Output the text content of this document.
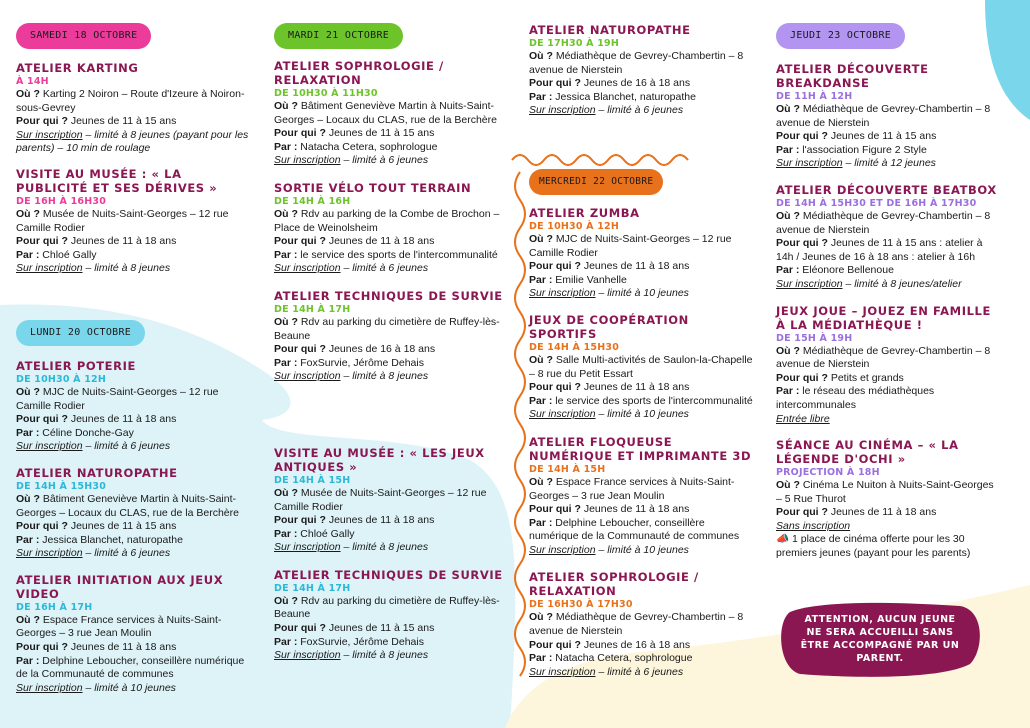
SAMEDI 18 OCTOBRE
ATELIER KARTING
À 14H
Où ? Karting 2 Noiron – Route d'Izeure à Noiron-sous-Gevrey
Pour qui ? Jeunes de 11 à 15 ans
Sur inscription – limité à 8 jeunes (payant pour les parents) – 10 min de roulage
VISITE AU MUSÉE : « LA PUBLICITÉ ET SES DÉRIVES »
DE 16H À 16H30
Où ? Musée de Nuits-Saint-Georges – 12 rue Camille Rodier
Pour qui ? Jeunes de 11 à 18 ans
Par : Chloé Gally
Sur inscription – limité à 8 jeunes
LUNDI 20 OCTOBRE
ATELIER POTERIE
DE 10H30 À 12H
Où ? MJC de Nuits-Saint-Georges – 12 rue Camille Rodier
Pour qui ? Jeunes de 11 à 18 ans
Par : Céline Donche-Gay
Sur inscription – limité à 6 jeunes
ATELIER NATUROPATHE
DE 14H À 15H30
Où ? Bâtiment Geneviève Martin à Nuits-Saint-Georges – Locaux du CLAS, rue de la Berchère
Pour qui ? Jeunes de 11 à 15 ans
Par : Jessica Blanchet, naturopathe
Sur inscription – limité à 6 jeunes
ATELIER INITIATION AUX JEUX VIDEO
DE 16H À 17H
Où ? Espace France services à Nuits-Saint-Georges – 3 rue Jean Moulin
Pour qui ? Jeunes de 11 à 18 ans
Par : Delphine Leboucher, conseillère numérique de la Communauté de communes
Sur inscription – limité à 10 jeunes
MARDI 21 OCTOBRE
ATELIER SOPHROLOGIE / RELAXATION
DE 10H30 À 11H30
Où ? Bâtiment Geneviève Martin à Nuits-Saint-Georges – Locaux du CLAS, rue de la Berchère
Pour qui ? Jeunes de 11 à 15 ans
Par : Natacha Cetera, sophrologue
Sur inscription – limité à 6 jeunes
SORTIE VÉLO TOUT TERRAIN
DE 14H À 16H
Où ? Rdv au parking de la Combe de Brochon – Place de Weinolsheim
Pour qui ? Jeunes de 11 à 18 ans
Par : le service des sports de l'intercommunalité
Sur inscription – limité à 6 jeunes
ATELIER TECHNIQUES DE SURVIE
DE 14H À 17H
Où ? Rdv au parking du cimetière de Ruffey-lès-Beaune
Pour qui ? Jeunes de 16 à 18 ans
Par : FoxSurvie, Jérôme Dehais
Sur inscription – limité à 8 jeunes
VISITE AU MUSÉE : « LES JEUX ANTIQUES »
DE 14H À 15H
Où ? Musée de Nuits-Saint-Georges – 12 rue Camille Rodier
Pour qui ? Jeunes de 11 à 18 ans
Par : Chloé Gally
Sur inscription – limité à 8 jeunes
ATELIER TECHNIQUES DE SURVIE
DE 14H À 17H
Où ? Rdv au parking du cimetière de Ruffey-lès-Beaune
Pour qui ? Jeunes de 11 à 15 ans
Par : FoxSurvie, Jérôme Dehais
Sur inscription – limité à 8 jeunes
ATELIER NATUROPATHE
DE 17H30 À 19H
Où ? Médiathèque de Gevrey-Chambertin – 8 avenue de Nierstein
Pour qui ? Jeunes de 16 à 18 ans
Par : Jessica Blanchet, naturopathe
Sur inscription – limité à 6 jeunes
MERCREDI 22 OCTOBRE
ATELIER ZUMBA
DE 10H30 À 12H
Où ? MJC de Nuits-Saint-Georges – 12 rue Camille Rodier
Pour qui ? Jeunes de 11 à 18 ans
Par : Emilie Vanhelle
Sur inscription – limité à 10 jeunes
JEUX DE COOPÉRATION SPORTIFS
DE 14H À 15H30
Où ? Salle Multi-activités de Saulon-la-Chapelle – 8 rue du Petit Essart
Pour qui ? Jeunes de 11 à 18 ans
Par : le service des sports de l'intercommunalité
Sur inscription – limité à 10 jeunes
ATELIER FLOQUEUSE NUMÉRIQUE ET IMPRIMANTE 3D
DE 14H À 15H
Où ? Espace France services à Nuits-Saint-Georges – 3 rue Jean Moulin
Pour qui ? Jeunes de 11 à 18 ans
Par : Delphine Leboucher, conseillère numérique de la Communauté de communes
Sur inscription – limité à 10 jeunes
ATELIER SOPHROLOGIE / RELAXATION
DE 16H30 À 17H30
Où ? Médiathèque de Gevrey-Chambertin – 8 avenue de Nierstein
Pour qui ? Jeunes de 16 à 18 ans
Par : Natacha Cetera, sophrologue
Sur inscription – limité à 6 jeunes
JEUDI 23 OCTOBRE
ATELIER DÉCOUVERTE BREAKDANSE
DE 11H À 12H
Où ? Médiathèque de Gevrey-Chambertin – 8 avenue de Nierstein
Pour qui ? Jeunes de 11 à 15 ans
Par : l'association Figure 2 Style
Sur inscription – limité à 12 jeunes
ATELIER DÉCOUVERTE BEATBOX
DE 14H À 15H30 ET DE 16H À 17H30
Où ? Médiathèque de Gevrey-Chambertin – 8 avenue de Nierstein
Pour qui ? Jeunes de 11 à 15 ans : atelier à 14h / Jeunes de 16 à 18 ans : atelier à 16h
Par : Eléonore Bellenoue
Sur inscription – limité à 8 jeunes/atelier
JEUX JOUE – JOUEZ EN FAMILLE À LA MÉDIATHÈQUE !
DE 15H À 19H
Où ? Médiathèque de Gevrey-Chambertin – 8 avenue de Nierstein
Pour qui ? Petits et grands
Par : le réseau des médiathèques intercommunales
Entrée libre
SÉANCE AU CINÉMA – « LA LÉGENDE D'OCHI »
PROJECTION À 18H
Où ? Cinéma Le Nuiton à Nuits-Saint-Georges – 5 Rue Thurot
Pour qui ? Jeunes de 11 à 18 ans
Sans inscription
📣 1 place de cinéma offerte pour les 30 premiers jeunes (payant pour les parents)
ATTENTION, AUCUN JEUNE NE SERA ACCUEILLI SANS ÊTRE ACCOMPAGNÉ PAR UN PARENT.
